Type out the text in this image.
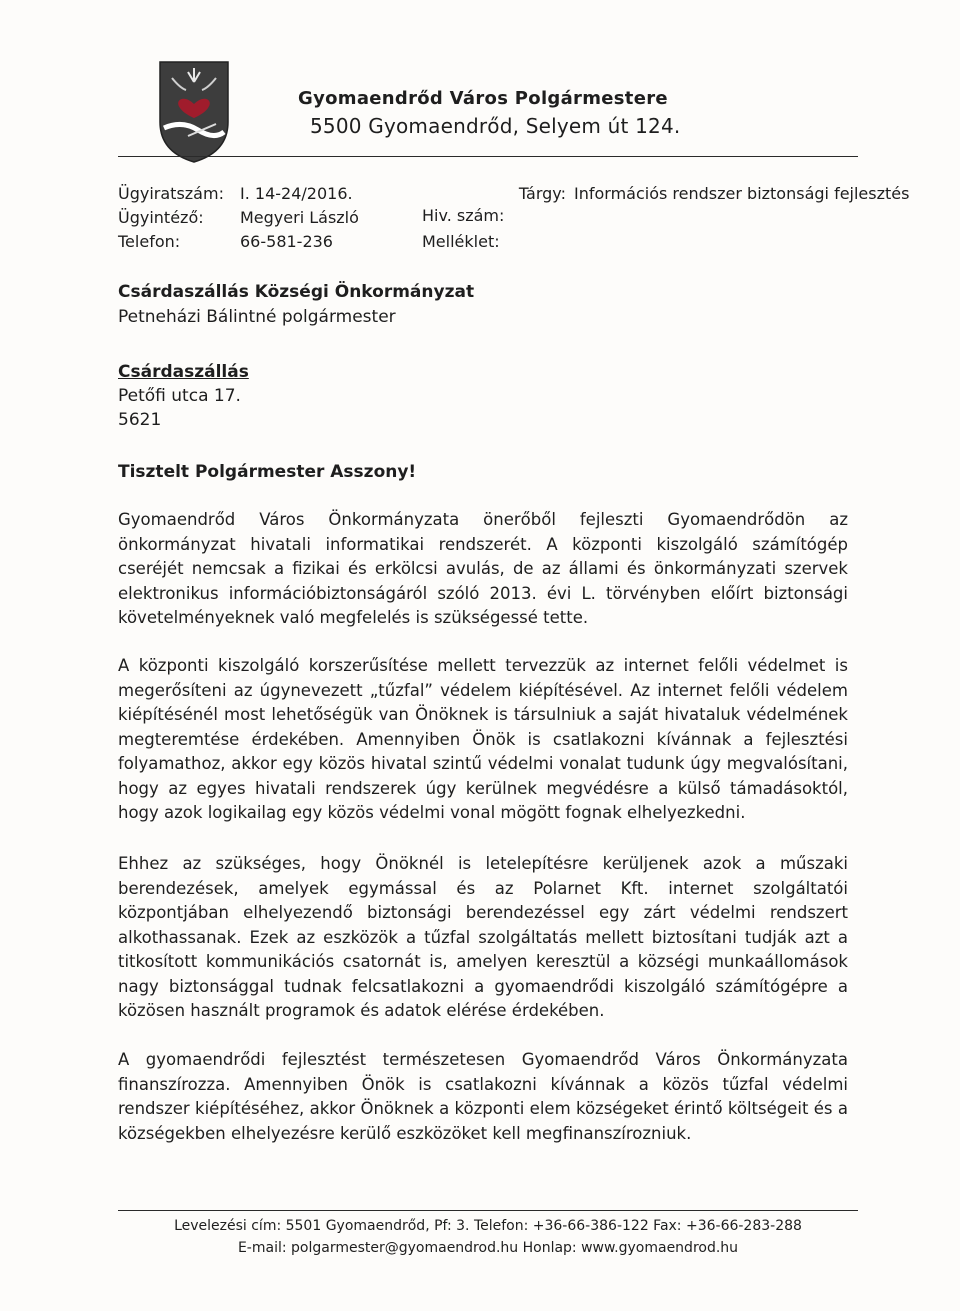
Gyomaendrőd Város Polgármestere
5500 Gyomaendrőd, Selyem út 124.
Ügyiratszám:
Ügyintéző:
Telefon:
I. 14-24/2016.
Megyeri László
66-581-236
Tárgy: Információs rendszer biztonsági fejlesztés
Hiv. szám:
Melléklet:
Csárdaszállás Községi Önkormányzat
Petneházi Bálintné polgármester
Csárdaszállás
Petőfi utca 17.
5621
Tisztelt Polgármester Asszony!
Gyomaendrőd Város Önkormányzata önerőből fejleszti Gyomaendrődön az önkormányzat hivatali informatikai rendszerét. A központi kiszolgáló számítógép cseréjét nemcsak a fizikai és erkölcsi avulás, de az állami és önkormányzati szervek elektronikus információbiztonságáról szóló 2013. évi L. törvényben előírt biztonsági követelményeknek való megfelelés is szükségessé tette.
A központi kiszolgáló korszerűsítése mellett tervezzük az internet felőli védelmet is megerősíteni az úgynevezett „tűzfal” védelem kiépítésével. Az internet felőli védelem kiépítésénél most lehetőségük van Önöknek is társulniuk a saját hivataluk védelmének megteremtése érdekében. Amennyiben Önök is csatlakozni kívánnak a fejlesztési folyamathoz, akkor egy közös hivatal szintű védelmi vonalat tudunk úgy megvalósítani, hogy az egyes hivatali rendszerek úgy kerülnek megvédésre a külső támadásoktól, hogy azok logikailag egy közös védelmi vonal mögött fognak elhelyezkedni.
Ehhez az szükséges, hogy Önöknél is letelepítésre kerüljenek azok a műszaki berendezések, amelyek egymással és az Polarnet Kft. internet szolgáltatói központjában elhelyezendő biztonsági berendezéssel egy zárt védelmi rendszert alkothassanak. Ezek az eszközök a tűzfal szolgáltatás mellett biztosítani tudják azt a titkosított kommunikációs csatornát is, amelyen keresztül a községi munkaállomások nagy biztonsággal tudnak felcsatlakozni a gyomaendrődi kiszolgáló számítógépre a közösen használt programok és adatok elérése érdekében.
A gyomaendrődi fejlesztést természetesen Gyomaendrőd Város Önkormányzata finanszírozza. Amennyiben Önök is csatlakozni kívánnak a közös tűzfal védelmi rendszer kiépítéséhez, akkor Önöknek a központi elem községeket érintő költségeit és a községekben elhelyezésre kerülő eszközöket kell megfinanszírozniuk.
Levelezési cím: 5501 Gyomaendrőd, Pf: 3. Telefon: +36-66-386-122 Fax: +36-66-283-288
E-mail: polgarmester@gyomaendrod.hu Honlap: www.gyomaendrod.hu
